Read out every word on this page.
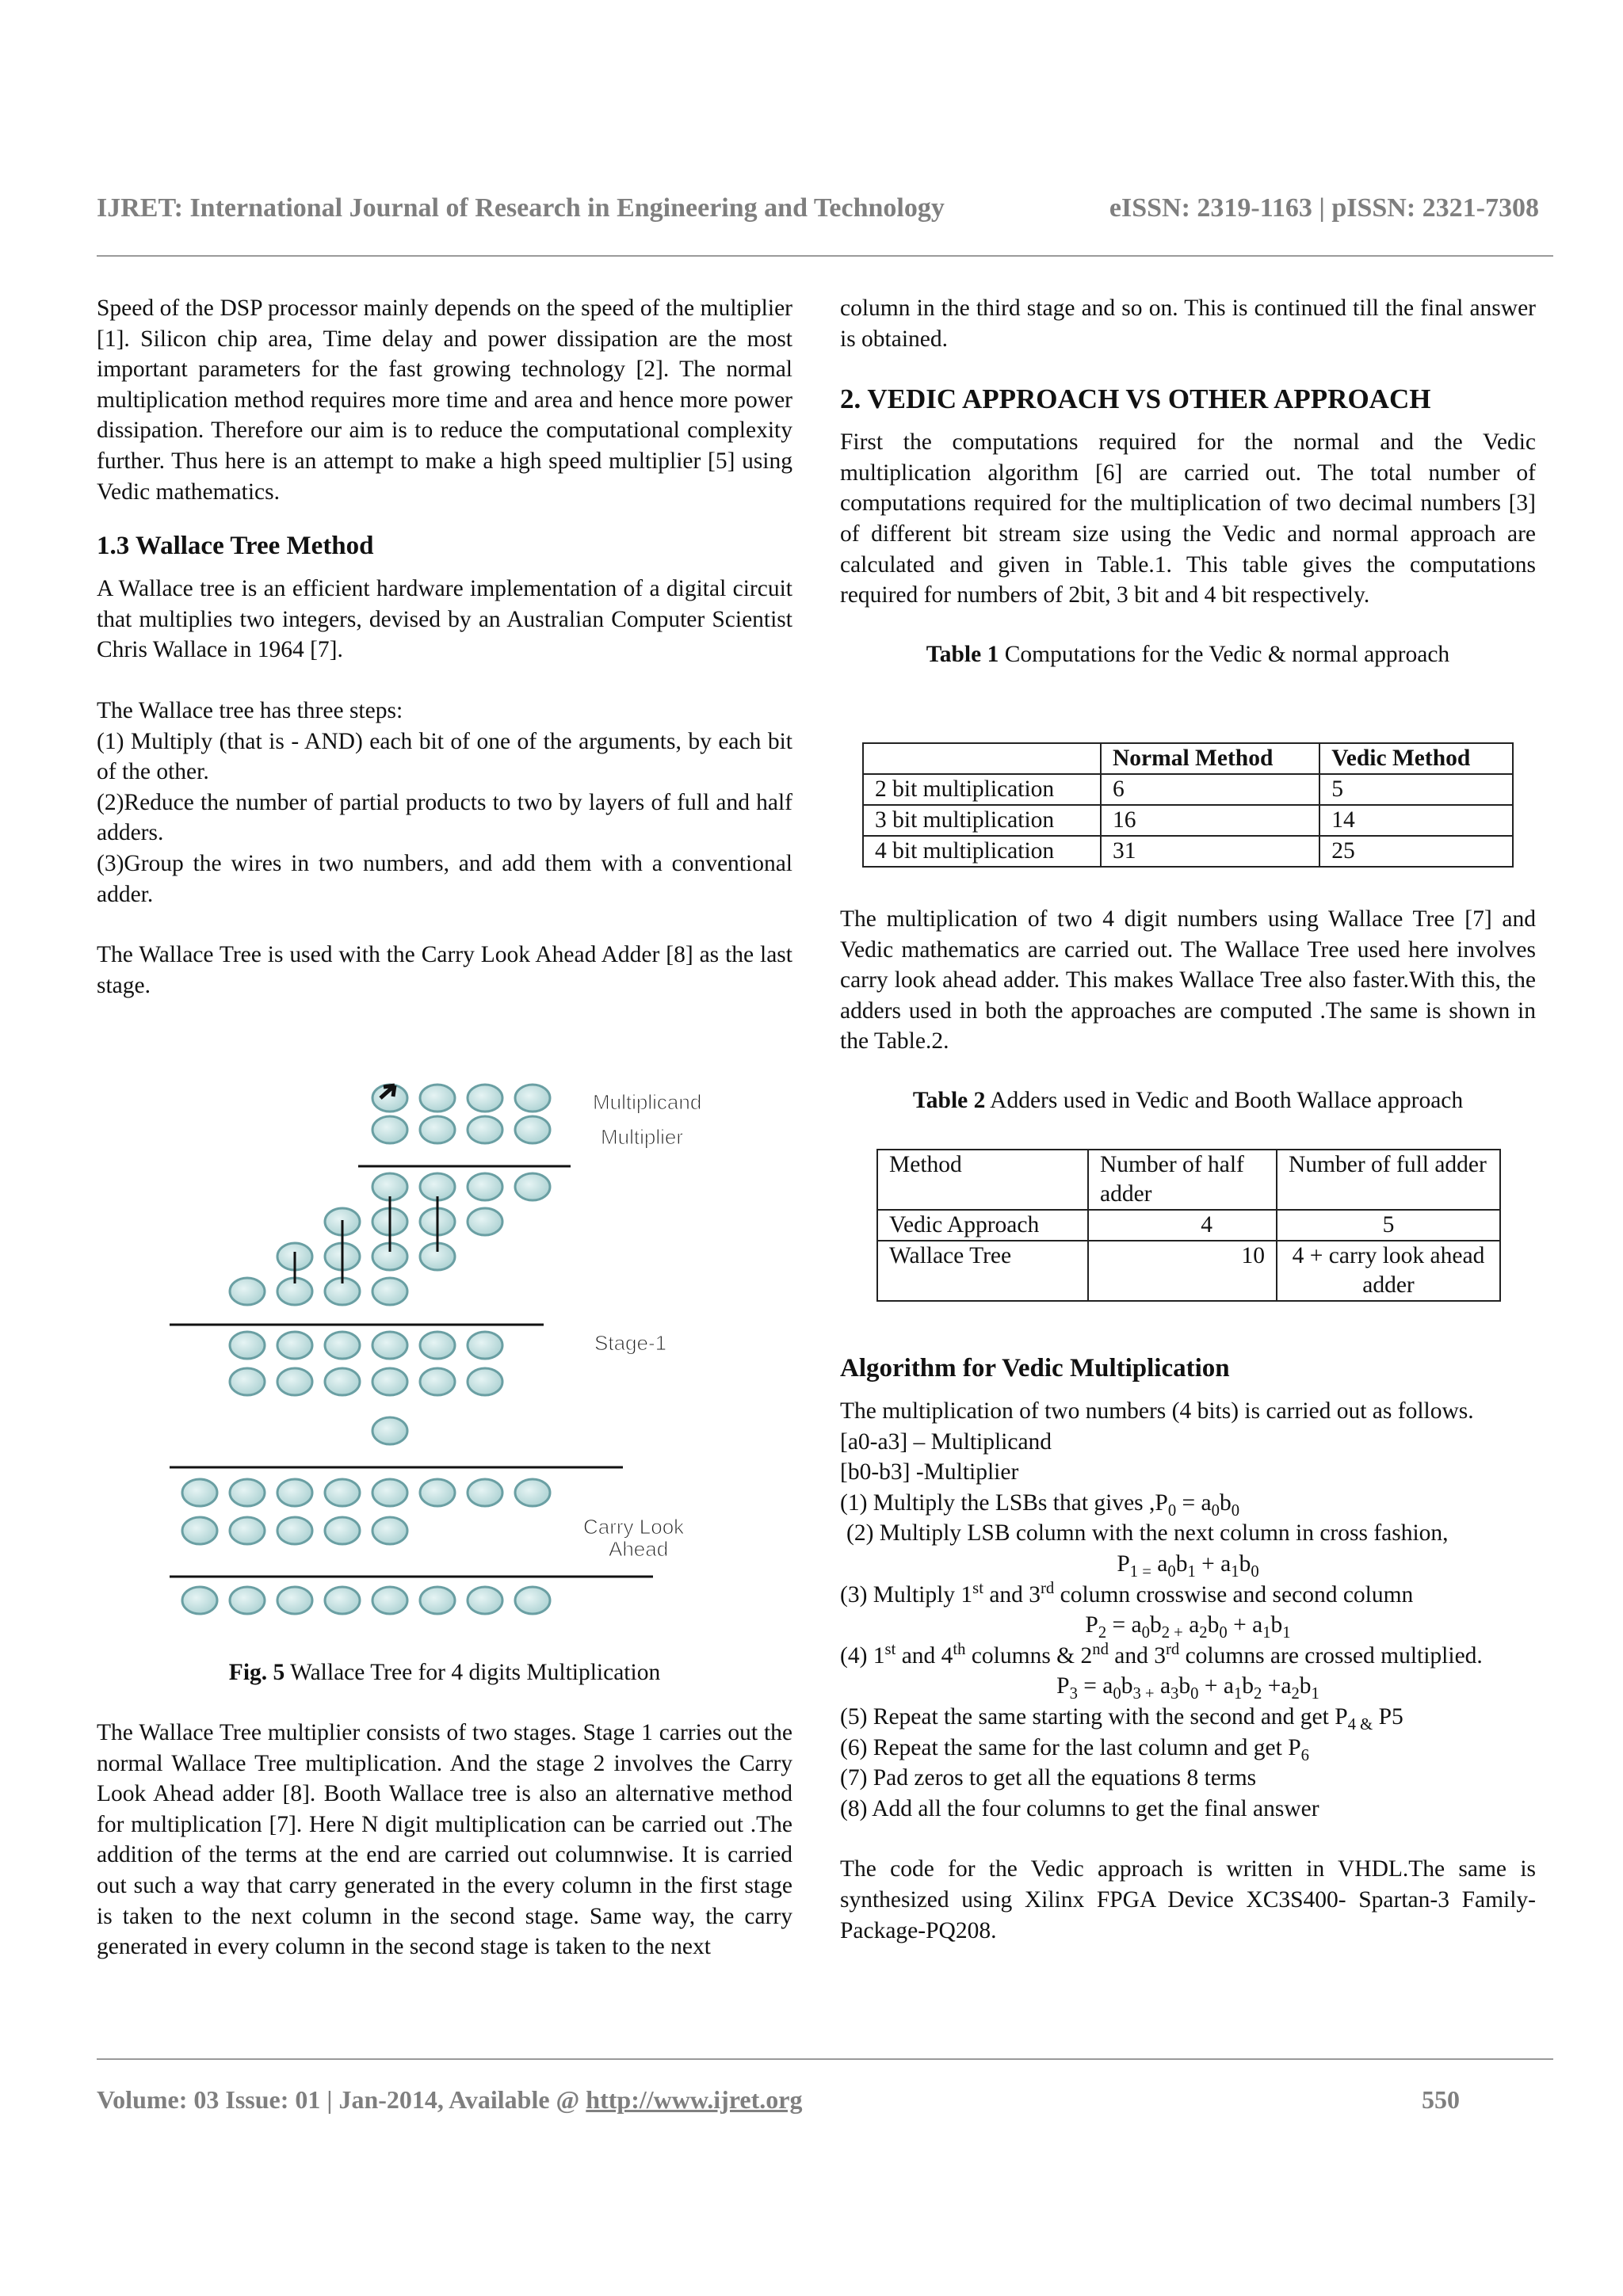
IJRET: International Journal of Research in Engineering and Technology	eISSN: 2319-1163 | pISSN: 2321-7308

Speed of the DSP processor mainly depends on the speed of the multiplier [1]. Silicon chip area, Time delay and power dissipation are the most important parameters for the fast growing technology [2]. The normal multiplication method requires more time and area and hence more power dissipation. Therefore our aim is to reduce the computational complexity further. Thus here is an attempt to make a high speed multiplier [5] using Vedic mathematics.

1.3 Wallace Tree Method

A Wallace tree is an efficient hardware implementation of a digital circuit that multiplies two integers, devised by an Australian Computer Scientist Chris Wallace in 1964 [7].

The Wallace tree has three steps:

(1) Multiply (that is - AND) each bit of one of the arguments, by each bit of the other.

(2)Reduce the number of partial products to two by layers of full and half adders.

(3)Group the wires in two numbers, and add them with a conventional adder.

The Wallace Tree is used with the Carry Look Ahead Adder [8] as the last stage.

Multiplicand
Multiplier
Stage-1
Carry Look
Ahead
Fig. 5 Wallace Tree for 4 digits Multiplication

The Wallace Tree multiplier consists of two stages. Stage 1 carries out the normal Wallace Tree multiplication. And the stage 2 involves the Carry Look Ahead adder [8]. Booth Wallace tree is also an alternative method for multiplication [7]. Here N digit multiplication can be carried out .The addition of the terms at the end are carried out columnwise. It is carried out such a way that carry generated in the every column in the first stage is taken to the next column in the second stage. Same way, the carry generated in every column in the second stage is taken to the next

column in the third stage and so on. This is continued till the final answer is obtained.

2. VEDIC APPROACH VS OTHER APPROACH

First the computations required for the normal and the Vedic multiplication algorithm [6] are carried out. The total number of computations required for the multiplication of two decimal numbers [3] of different bit stream size using the Vedic and normal approach are calculated and given in Table.1. This table gives the computations required for numbers of 2bit, 3 bit and 4 bit respectively.

Table 1 Computations for the Vedic & normal approach

	Normal Method	Vedic Method
2 bit multiplication	6	5
3 bit multiplication	16	14
4 bit multiplication	31	25

The multiplication of two 4 digit numbers using Wallace Tree [7] and Vedic mathematics are carried out. The Wallace Tree used here involves carry look ahead adder. This makes Wallace Tree also faster.With this, the adders used in both the approaches are computed .The same is shown in the Table.2.

Table 2 Adders used in Vedic and Booth Wallace approach

Method	Number of half adder	Number of full adder
Vedic Approach	4	5
Wallace Tree	10	4 + carry look ahead adder
Algorithm for Vedic Multiplication

The multiplication of two numbers (4 bits) is carried out as follows.

[a0-a3] – Multiplicand

[b0-b3] -Multiplier

(1) Multiply the LSBs that gives $,P_0 = a_0b_0$

(2) Multiply LSB column with the next column in cross fashion,

$P_{1 =}$ $a_0b_1 + a_1b_0$

(3) Multiply 1st and 3rd column crosswise and second column

$P_2 = a_0b_{2 +}$ $a_2b_0 + a_1b_1$

(4) 1st and 4th columns & 2nd and 3rd columns are crossed multiplied.

$P_3 = a_0b_{3 +}$ $a_3b_0 + a_1b_2 +a_2b_1$

(5) Repeat the same starting with the second and get $P_{4 \&}$ P5

(6) Repeat the same for the last column and get $P_6$

(7) Pad zeros to get all the equations 8 terms

(8) Add all the four columns to get the final answer

The code for the Vedic approach is written in VHDL.The same is synthesized using Xilinx FPGA Device XC3S400- Spartan-3 Family-Package-PQ208.

Volume: 03 Issue: 01 | Jan-2014, Available @ http://www.ijret.org	550
